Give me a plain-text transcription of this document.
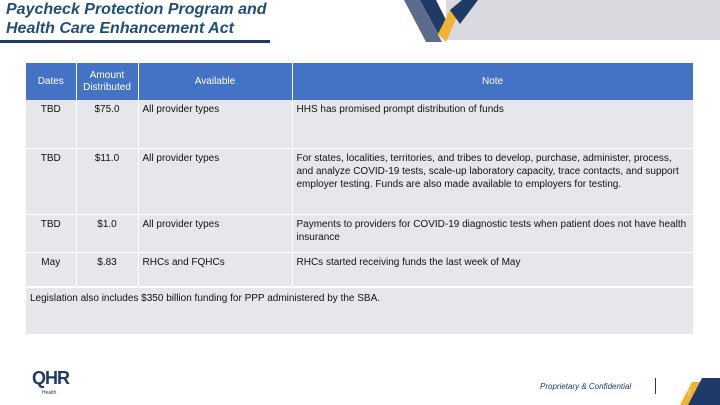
Paycheck Protection Program and
Health Care Enhancement Act
Dates	Amount Distributed	Available	Note
TBD	$75.0	All provider types	HHS has promised prompt distribution of funds
TBD	$11.0	All provider types	For states, localities, territories, and tribes to develop, purchase, administer, process, and analyze COVID-19 tests, scale-up laboratory capacity, trace contacts, and support employer testing. Funds are also made available to employers for testing.
TBD	$1.0	All provider types	Payments to providers for COVID-19 diagnostic tests when patient does not have health insurance
May	$.83	RHCs and FQHCs	RHCs started receiving funds the last week of May
Legislation also includes $350 billion funding for PPP administered by the SBA.
QHR
Health
Proprietary & Confidential
7
